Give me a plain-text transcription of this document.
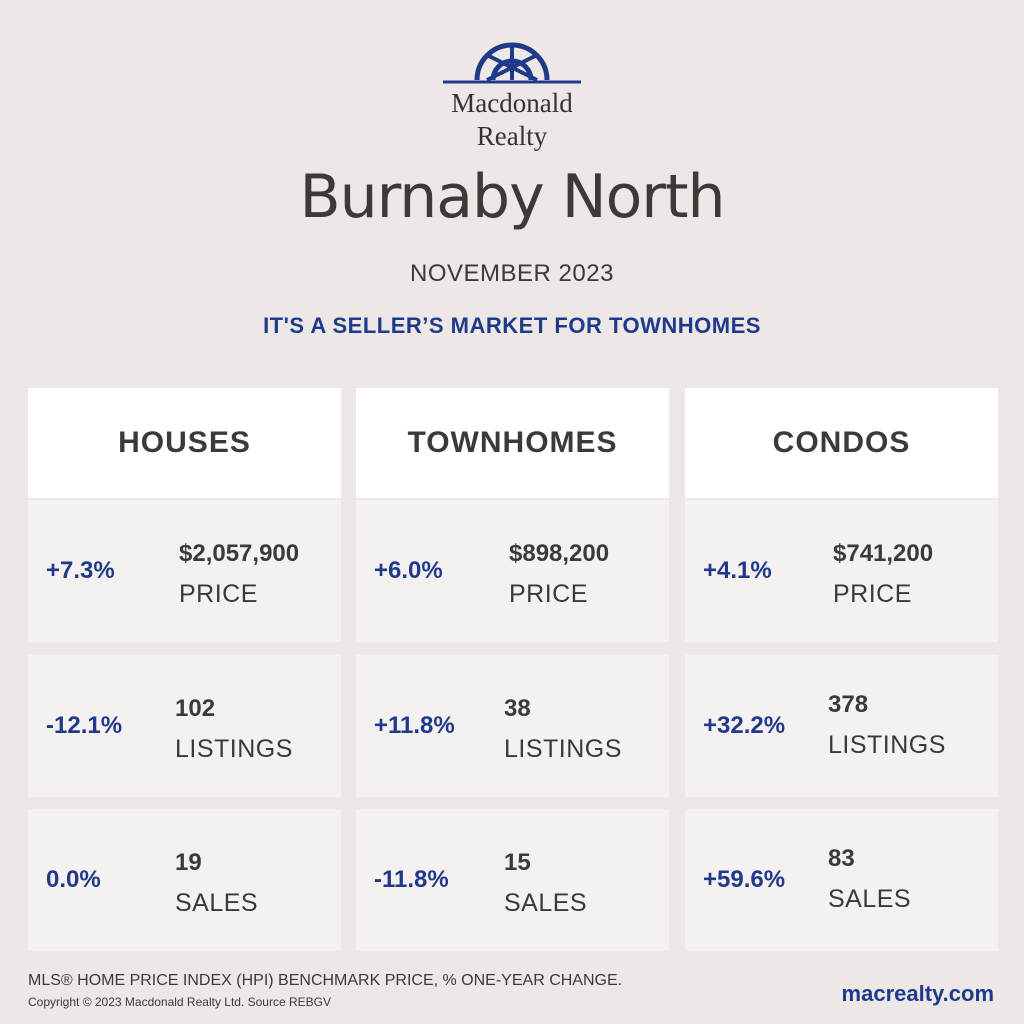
Macdonald
Realty
Burnaby North
NOVEMBER 2023
IT'S A SELLER’S MARKET FOR TOWNHOMES
HOUSES
+7.3%
$2,057,900
PRICE
-12.1%
102
LISTINGS
0.0%
19
SALES
TOWNHOMES
+6.0%
$898,200
PRICE
+11.8%
38
LISTINGS
-11.8%
15
SALES
CONDOS
+4.1%
$741,200
PRICE
+32.2%
378
LISTINGS
+59.6%
83
SALES
MLS® HOME PRICE INDEX (HPI) BENCHMARK PRICE, % ONE-YEAR CHANGE.
Copyright © 2023 Macdonald Realty Ltd. Source REBGV	macrealty.com
